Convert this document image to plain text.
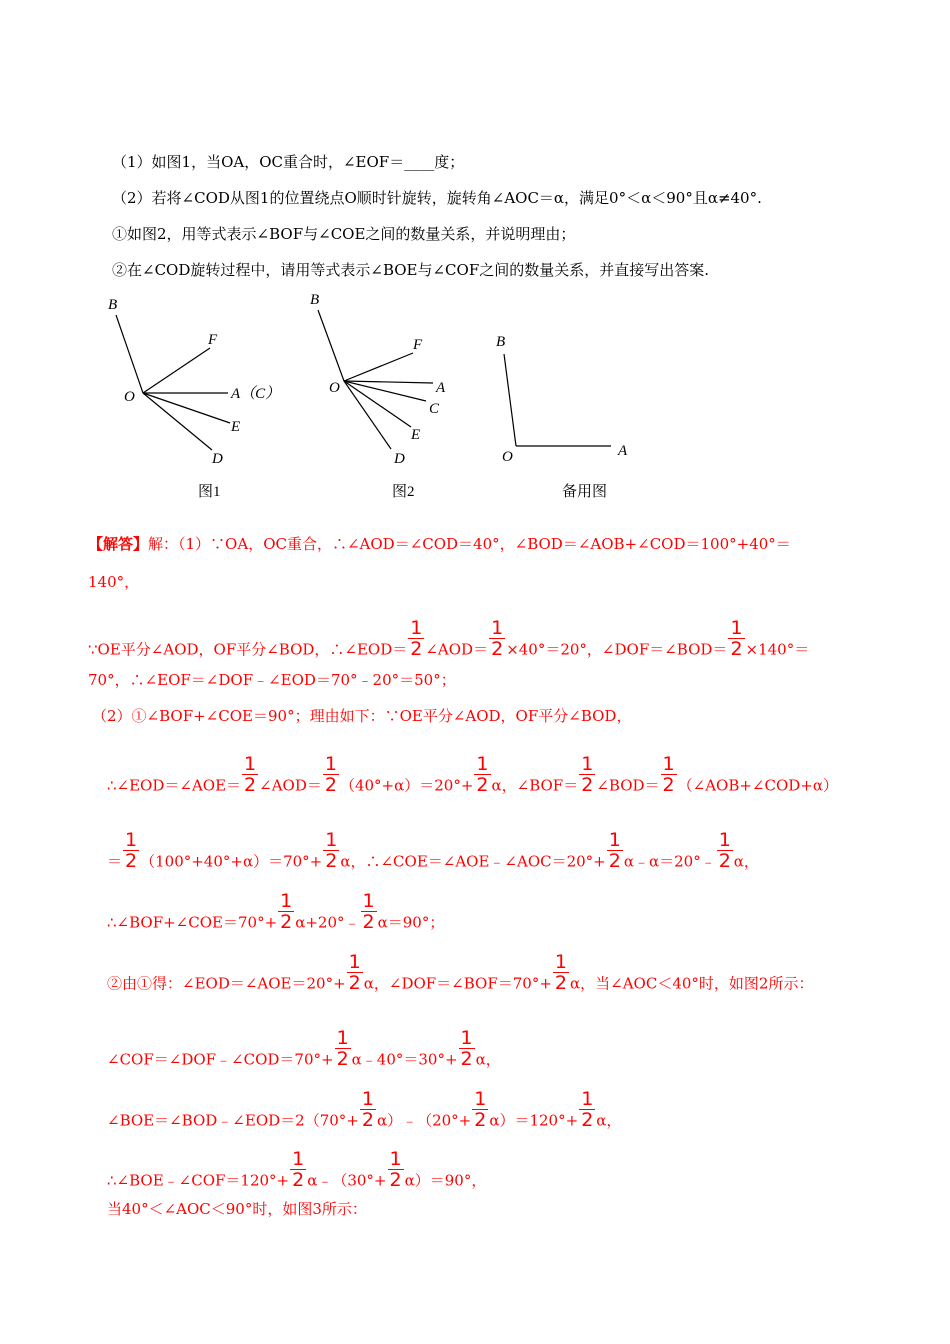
（1）如图1，当OA，OC重合时，∠EOF＝____度；
（2）若将∠COD从图1的位置绕点O顺时针旋转，旋转角∠AOC＝α，满足0°＜α＜90°且α≠40°.
①如图2，用等式表示∠BOF与∠COE之间的数量关系，并说明理由；
②在∠COD旋转过程中，请用等式表示∠BOE与∠COF之间的数量关系，并直接写出答案.
B
F
O	A（C）
E
D
图1
B
F
O	A
C
E
D
图2
B
O	A
备用图
【解答】解：（1）∵OA，OC重合，∴∠AOD＝∠COD＝40°，∠BOD＝∠AOB+∠COD＝100°+40°＝
140°，
∵OE平分∠AOD，OF平分∠BOD，∴∠EOD＝ $\frac{1}{2}$ ∠AOD＝ $\frac{1}{2} \times 40^\circ=20^\circ$，∠DOF＝∠BOD＝ $\frac{1}{2} \times 140^\circ=$
70°，∴∠EOF＝∠DOF﹣∠EOD＝70°﹣20°＝50°；
（2）①∠BOF+∠COE＝90°；理由如下：∵OE平分∠AOD，OF平分∠BOD，
∴∠EOD＝∠AOE＝ $\frac{1}{2}$ ∠AOD＝ $\frac{1}{2} (40^\circ+\alpha)=20^\circ+ \frac{1}{2}$ α，∠BOF＝ $\frac{1}{2}$ ∠BOD＝ $\frac{1}{2}$ （∠AOB+∠COD+α）
＝ $\frac{1}{2} (100^\circ+40^\circ+\alpha)=70^\circ+ \frac{1}{2}$ α，∴∠COE＝∠AOE﹣∠AOC＝20°+ $\frac{1}{2}$ α﹣α＝20°﹣ $\frac{1}{2}$ α，
∴∠BOF+∠COE＝70°+ $\frac{1}{2}$ α+20°﹣ $\frac{1}{2} \alpha=90^\circ$；
②由①得：∠EOD＝∠AOE＝20°+ $\frac{1}{2}$ α，∠DOF＝∠BOF＝70°+ $\frac{1}{2}$ α，当∠AOC＜40°时，如图2所示：
∠COF＝∠DOF﹣∠COD＝70°+ $\frac{1}{2}$ α﹣40°＝30°+ $\frac{1}{2}$ α，
∠BOE＝∠BOD﹣∠EOD＝2（70°+ $\frac{1}{2}$ α）﹣（20°+ $\frac{1}{2} \alpha)=120^\circ+ \frac{1}{2}$ α，
∴∠BOE﹣∠COF＝120°+ $\frac{1}{2}$ α﹣（30°+ $\frac{1}{2} \alpha)=90^\circ$，
当40°＜∠AOC＜90°时，如图3所示：
